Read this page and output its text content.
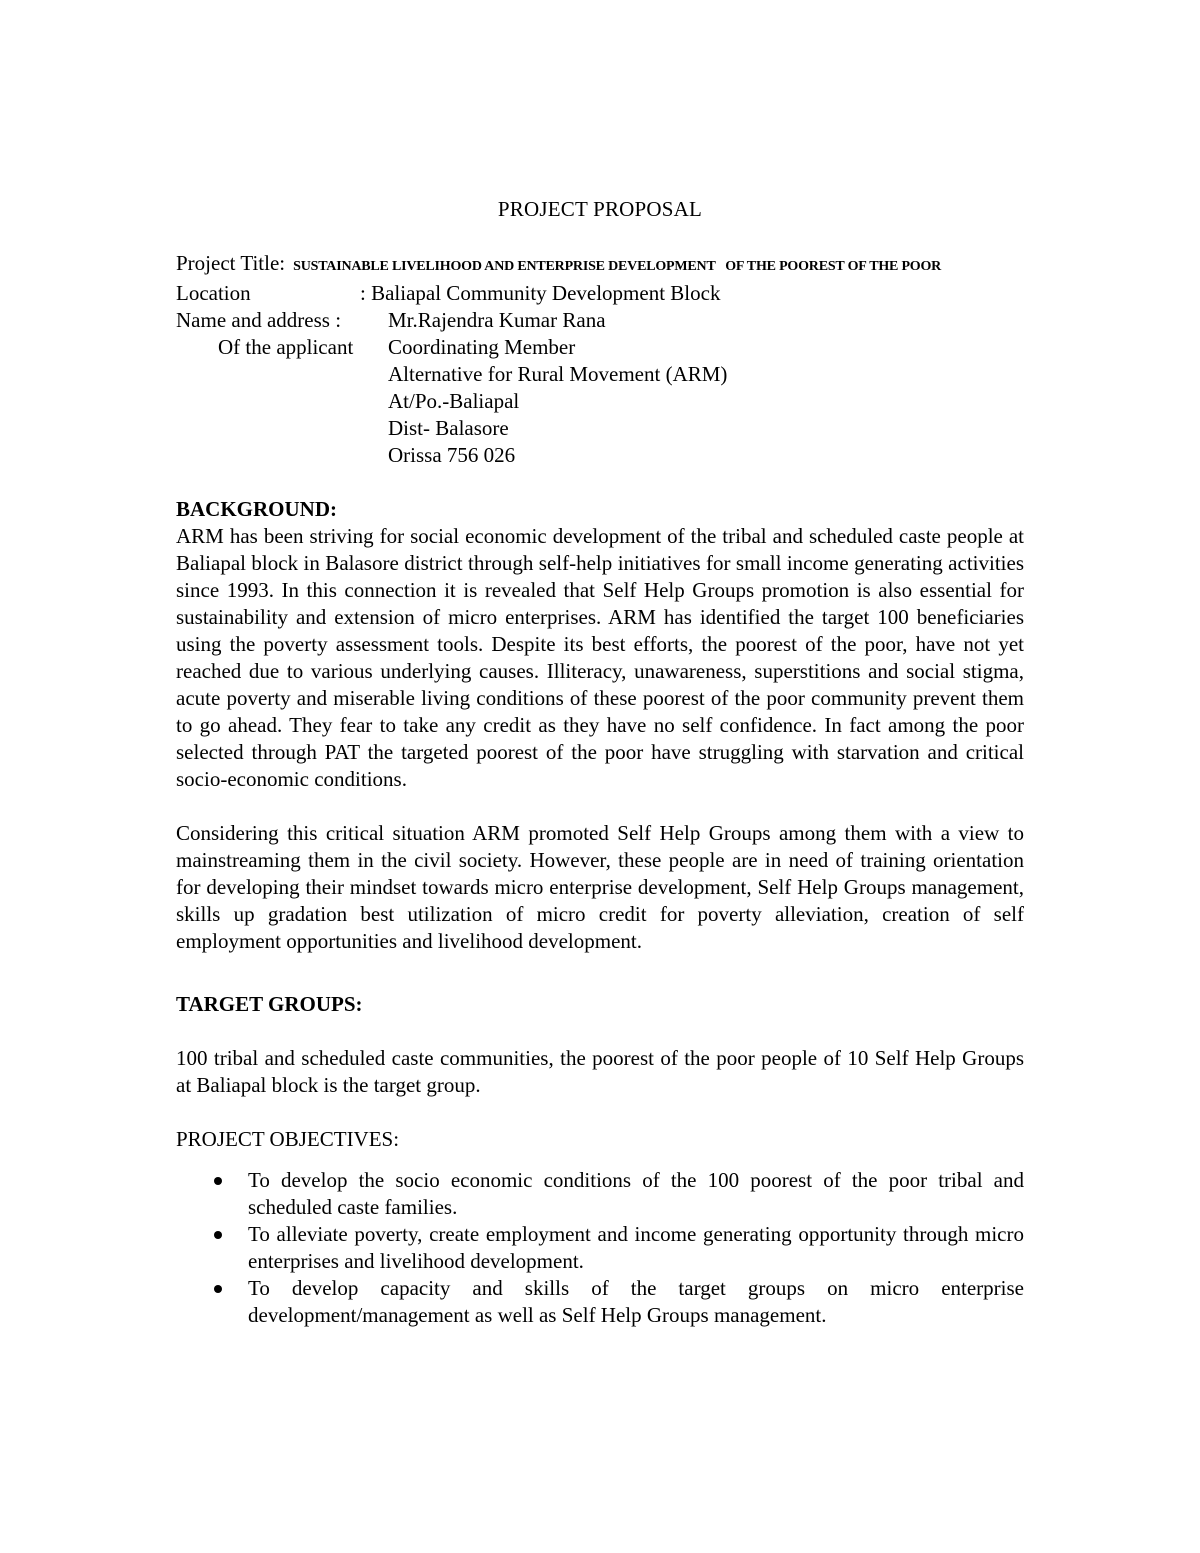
PROJECT PROPOSAL
Project Title: SUSTAINABLE LIVELIHOOD AND ENTERPRISE DEVELOPMENT   OF THE POOREST OF THE POOR
Location	: Baliapal Community Development Block
Name and address : Mr.Rajendra Kumar Rana
Of the applicant Coordinating Member
Alternative for Rural Movement (ARM)
At/Po.-Baliapal
Dist- Balasore
Orissa 756 026
BACKGROUND:

ARM has been striving for social economic development of the tribal and scheduled caste people at Baliapal block in Balasore district through self-help initiatives for small income generating activities since 1993. In this connection it is revealed that Self Help Groups promotion is also essential for sustainability and extension of micro enterprises. ARM has identified the target 100 beneficiaries using the poverty assessment tools. Despite its best efforts, the poorest of the poor, have not yet reached due to various underlying causes. Illiteracy, unawareness, superstitions and social stigma, acute poverty and miserable living conditions of these poorest of the poor community prevent them to go ahead. They fear to take any credit as they have no self confidence. In fact among the poor selected through PAT the targeted poorest of the poor have struggling with starvation and critical socio-economic conditions.

Considering this critical situation ARM promoted Self Help Groups among them with a view to mainstreaming them in the civil society. However, these people are in need of training orientation for developing their mindset towards micro enterprise development, Self Help Groups management, skills up gradation best utilization of micro credit for poverty alleviation, creation of self employment opportunities and livelihood development.

TARGET GROUPS:

100 tribal and scheduled caste communities, the poorest of the poor people of 10 Self Help Groups at Baliapal block is the target group.

PROJECT OBJECTIVES:
To develop the socio economic conditions of the 100 poorest of the poor tribal and scheduled caste families.
To alleviate poverty, create employment and income generating opportunity through micro enterprises and livelihood development.
To develop capacity and skills of the target groups on micro enterprise development/management as well as Self Help Groups management.
